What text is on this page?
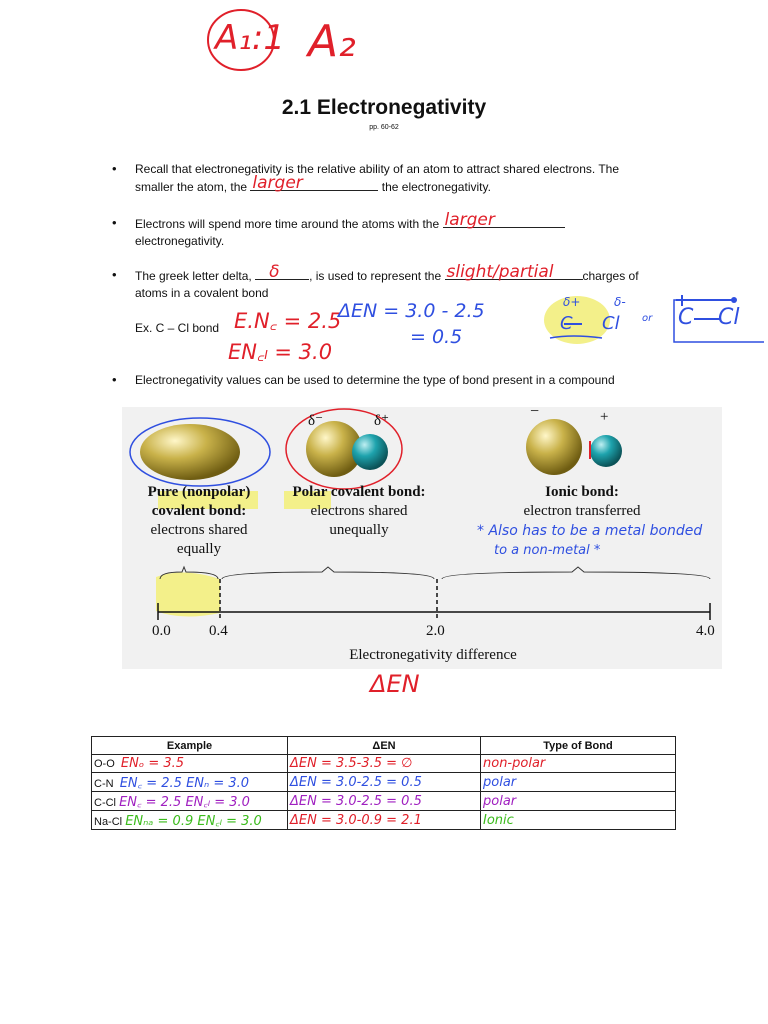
A₁:1 A₂
2.1 Electronegativity
pp. 60-62
• Recall that electronegativity is the relative ability of an atom to attract shared electrons. The
smaller the atom, the larger	the electronegativity.
• Electrons will spend more time around the atoms with the larger

electronegativity.
• The greek letter delta, δ , is used to represent the slight/partial charges of
atoms in a covalent bond
Ex. C – Cl bond E.N꜀ = 2.5
EN꜀ₗ = 3.0
ΔEN = 3.0 - 2.5
= 0.5
δ+	δ-
C Cl or C Cl
• Electronegativity values can be used to determine the type of bond present in a compound
δ⁻	δ⁺
−	+
Pure (nonpolar)
covalent bond:
electrons shared
equally
Polar covalent bond:
electrons shared
unequally
Ionic bond:
electron transferred
* Also has to be a metal bonded
to a non-metal *
0.0	0.4	2.0	4.0
Electronegativity difference
ΔEN
Example	ΔEN	Type of Bond
O-O ENₒ = 3.5	ΔEN = 3.5-3.5 = ∅	non-polar
C-N EN꜀ = 2.5 ENₙ = 3.0	ΔEN = 3.0-2.5 = 0.5	polar
C-Cl EN꜀ = 2.5 EN꜀ₗ = 3.0	ΔEN = 3.0-2.5 = 0.5	polar
Na-Cl ENₙₐ = 0.9 EN꜀ₗ = 3.0	ΔEN = 3.0-0.9 = 2.1	Ionic
